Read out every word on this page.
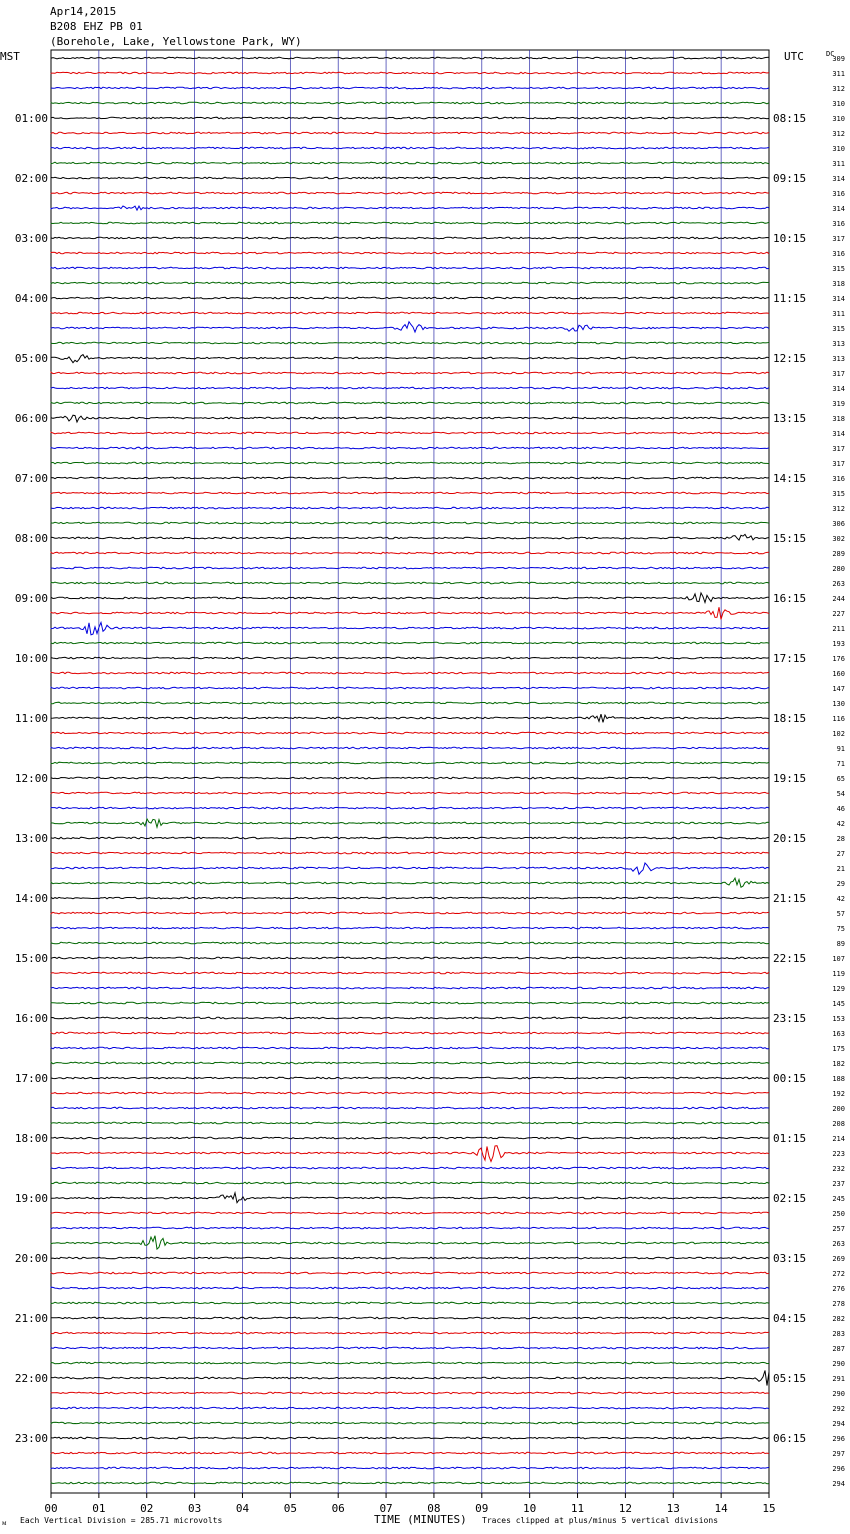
Apr14,2015
B208 EHZ PB 01
(Borehole, Lake, Yellowstone Park, WY)
MST	UTC
00	01	02	03	04	05	06	07	08	09	10	11	12	13	14	15
309
311
312
310
310
312
310
311
314
316
314
316
317
316
315
318
314
311
315
313
313
317
314
319
318
314
317
317
316
315
312
306
302
289
280
263
244
227
211
193
176
160
147
130
116
102
91
71
65
54
46
42
28
27
21
29
42
57
75
89
107
119
129
145
153
163
175
182
188
192
200
208
214
223
232
237
245
250
257
263
269
272
276
278
282
283
287
290
291
290
292
294
296
297
296
294
DC
01:00
02:00
03:00
04:00
05:00
06:00
07:00
08:00
09:00
10:00
11:00
12:00
13:00
14:00
15:00
16:00
17:00
18:00
19:00
20:00
21:00
22:00
23:00
08:15
09:15
10:15
11:15
12:15
13:15
14:15
15:15
16:15
17:15
18:15
19:15
20:15
21:15
22:15
23:15
00:15
01:15
02:15
03:15
04:15
05:15
06:15
ᴍ Each Vertical Division = 285.71 microvolts	TIME (MINUTES) Traces clipped at plus/minus 5 vertical divisions
